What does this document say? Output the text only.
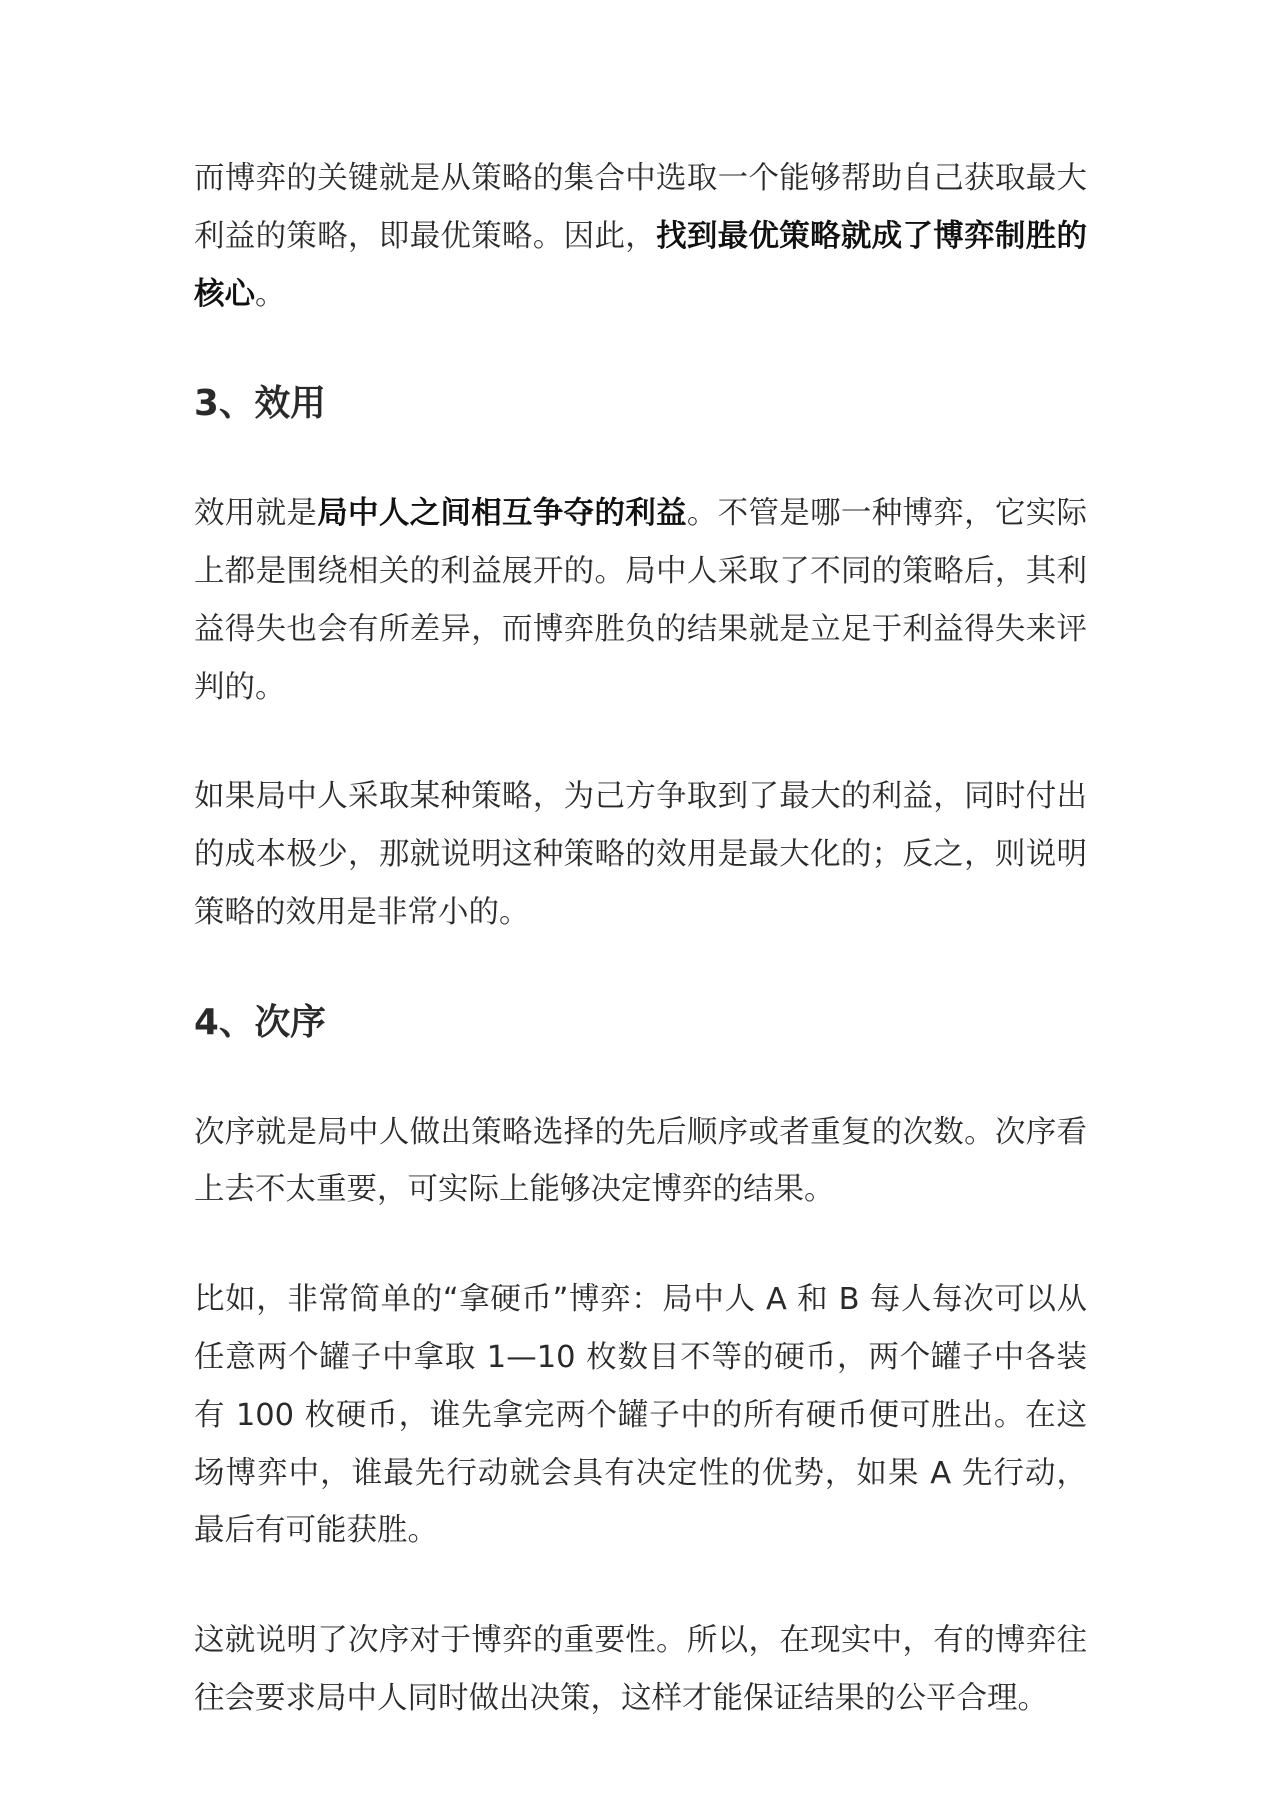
而博弈的关键就是从策略的集合中选取一个能够帮助自己获取最大利益的策略，即最优策略。因此，找到最优策略就成了博弈制胜的核心。

3、效用

效用就是局中人之间相互争夺的利益。不管是哪一种博弈，它实际上都是围绕相关的利益展开的。局中人采取了不同的策略后，其利益得失也会有所差异，而博弈胜负的结果就是立足于利益得失来评判的。

如果局中人采取某种策略，为己方争取到了最大的利益，同时付出的成本极少，那就说明这种策略的效用是最大化的；反之，则说明策略的效用是非常小的。

4、次序

次序就是局中人做出策略选择的先后顺序或者重复的次数。次序看上去不太重要，可实际上能够决定博弈的结果。

比如，非常简单的“拿硬币”博弈：局中人 A 和 B 每人每次可以从任意两个罐子中拿取 1—10 枚数目不等的硬币，两个罐子中各装有 100 枚硬币，谁先拿完两个罐子中的所有硬币便可胜出。在这场博弈中，谁最先行动就会具有决定性的优势，如果 A 先行动，最后有可能获胜。

这就说明了次序对于博弈的重要性。所以，在现实中，有的博弈往往会要求局中人同时做出决策，这样才能保证结果的公平合理。
